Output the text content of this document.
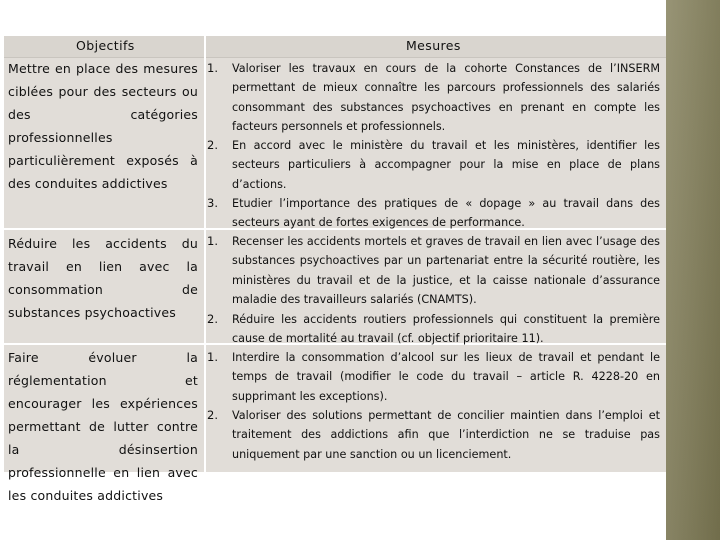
Objectifs	Mesures
Mettre en place des mesures ciblées pour des secteurs ou des catégories professionnelles particulièrement exposés à des conduites addictives
1.	Valoriser les travaux en cours de la cohorte Constances de l’INSERM permettant de mieux connaître les parcours professionnels des salariés consommant des substances psychoactives en prenant en compte les facteurs personnels et professionnels.
2.	En accord avec le ministère du travail et les ministères, identifier les secteurs particuliers à accompagner pour la mise en place de plans d’actions.
3.	Etudier l’importance des pratiques de « dopage » au travail dans des secteurs ayant de fortes exigences de performance.
Réduire les accidents du travail en lien avec la consommation de substances psychoactives
1.	Recenser les accidents mortels et graves de travail en lien avec l’usage des substances psychoactives par un partenariat entre la sécurité routière, les ministères du travail et de la justice, et la caisse nationale d’assurance maladie des travailleurs salariés (CNAMTS).
2.	Réduire les accidents routiers professionnels qui constituent la première cause de mortalité au travail (cf. objectif prioritaire 11).
Faire évoluer la réglementation et encourager les expériences permettant de lutter contre la désinsertion professionnelle en lien avec les conduites addictives
1.	Interdire la consommation d’alcool sur les lieux de travail et pendant le temps de travail (modifier le code du travail – article R. 4228-20 en supprimant les exceptions).
2.	Valoriser des solutions permettant de concilier maintien dans l’emploi et traitement des addictions afin que l’interdiction ne se traduise pas uniquement par une sanction ou un licenciement.
